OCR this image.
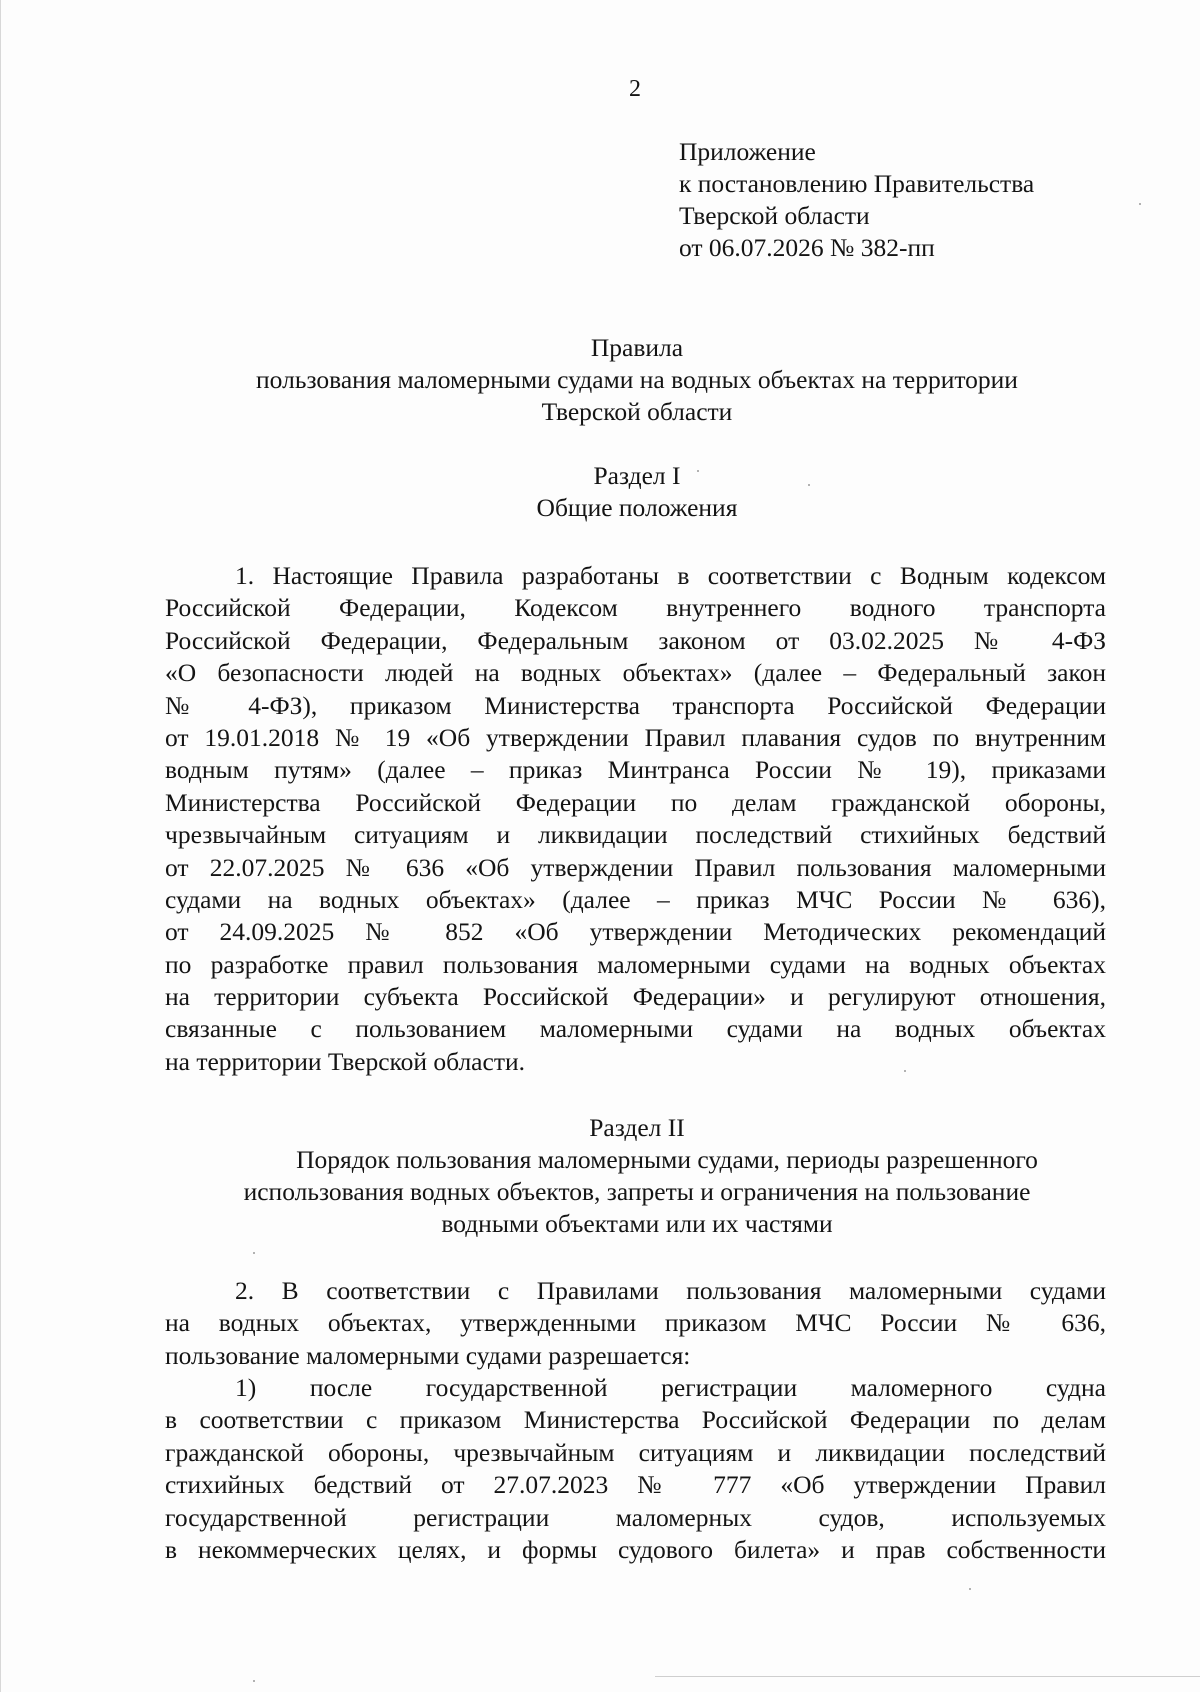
2
Приложение
к постановлению Правительства
Тверской области
от 06.07.2026 № 382-пп
Правила
пользования маломерными судами на водных объектах на территории
Тверской области
Раздел I
Общие положения
1. Настоящие Правила разработаны в соответствии с Водным кодексом
Российской Федерации, Кодексом внутреннего водного транспорта
Российской Федерации, Федеральным законом от 03.02.2025 № 4-ФЗ
«О безопасности людей на водных объектах» (далее – Федеральный закон
№ 4-ФЗ), приказом Министерства транспорта Российской Федерации
от 19.01.2018 № 19 «Об утверждении Правил плавания судов по внутренним
водным путям» (далее – приказ Минтранса России № 19), приказами
Министерства Российской Федерации по делам гражданской обороны,
чрезвычайным ситуациям и ликвидации последствий стихийных бедствий
от 22.07.2025 № 636 «Об утверждении Правил пользования маломерными
судами на водных объектах» (далее – приказ МЧС России № 636),
от 24.09.2025 № 852 «Об утверждении Методических рекомендаций
по разработке правил пользования маломерными судами на водных объектах
на территории субъекта Российской Федерации» и регулируют отношения,
связанные с пользованием маломерными судами на водных объектах
на территории Тверской области.
Раздел II
Порядок пользования маломерными судами, периоды разрешенного
использования водных объектов, запреты и ограничения на пользование
водными объектами или их частями
2. В соответствии с Правилами пользования маломерными судами
на водных объектах, утвержденными приказом МЧС России № 636,
пользование маломерными судами разрешается:
1) после государственной регистрации маломерного судна
в соответствии с приказом Министерства Российской Федерации по делам
гражданской обороны, чрезвычайным ситуациям и ликвидации последствий
стихийных бедствий от 27.07.2023 № 777 «Об утверждении Правил
государственной регистрации маломерных судов, используемых
в некоммерческих целях, и формы судового билета» и прав собственности
